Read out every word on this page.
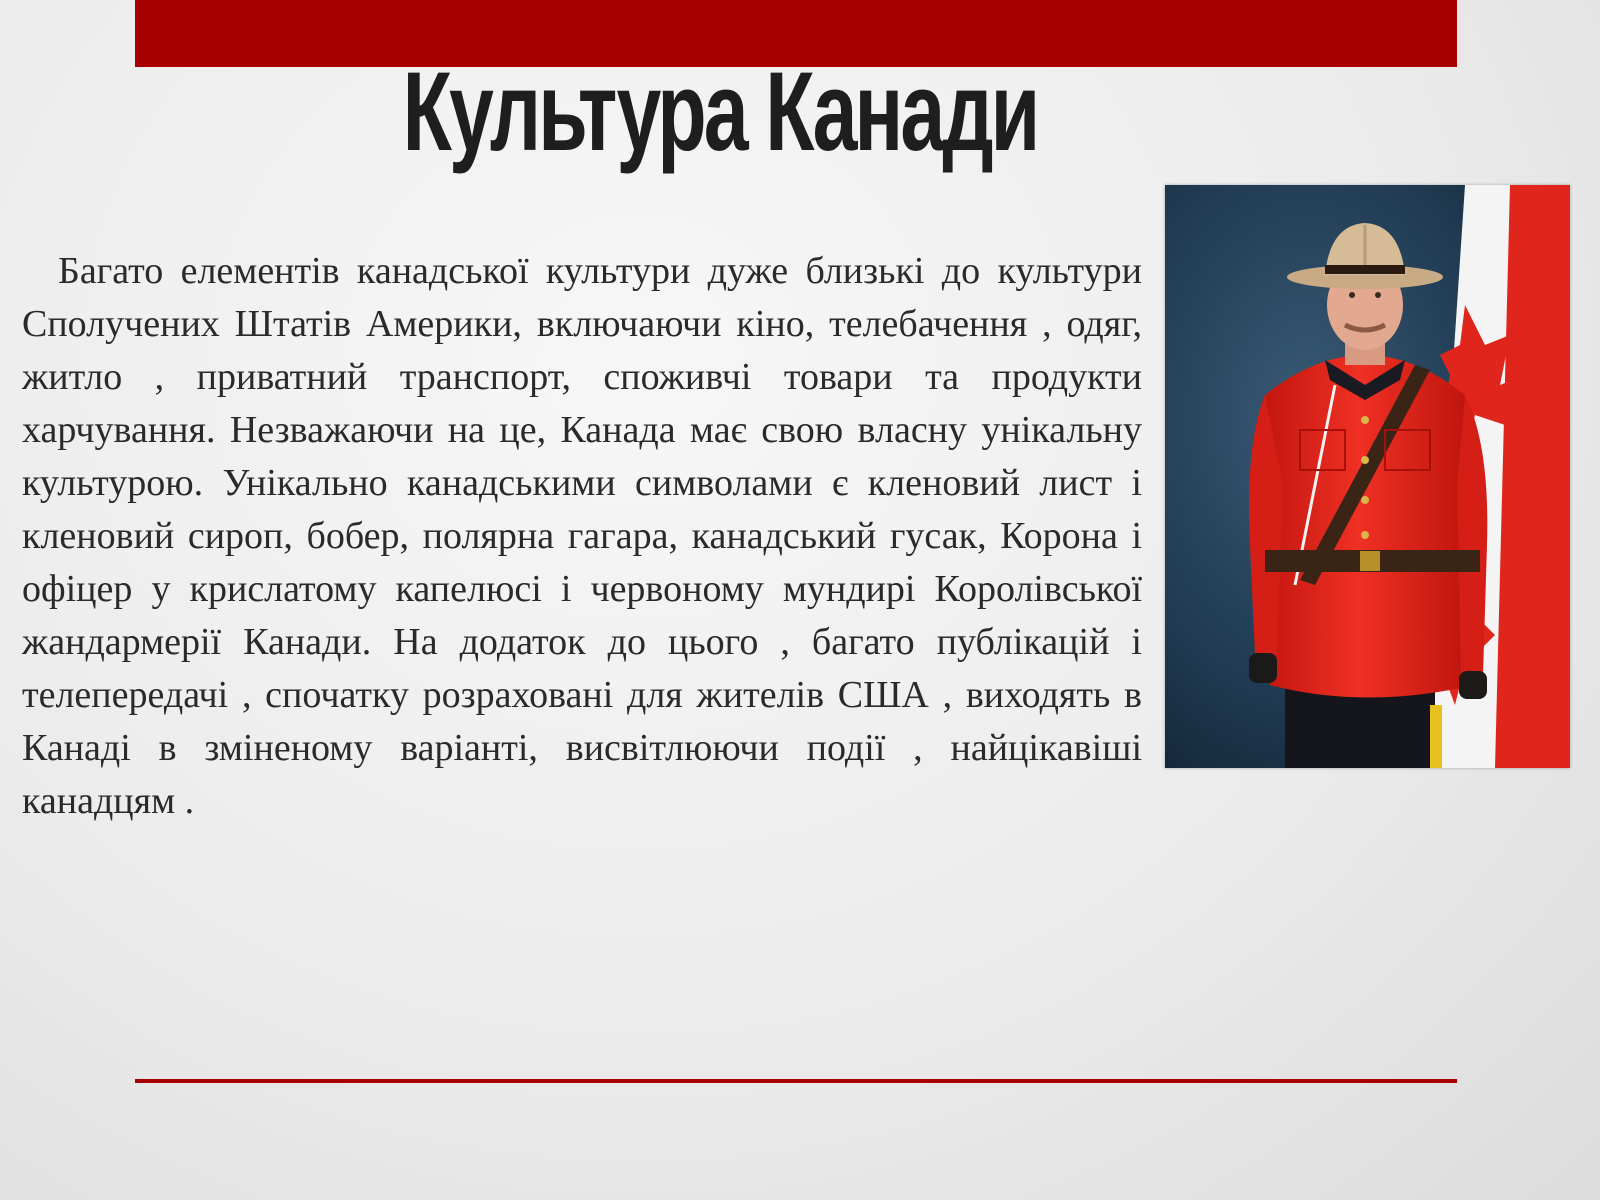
Культура Канади

Багато елементів канадської культури дуже близькі до культури Сполучених Штатів Америки, включаючи кіно, телебачення , одяг, житло , приватний транспорт, споживчі товари та продукти харчування. Незважаючи на це, Канада має свою власну унікальну культурою. Унікально канадськими символами є кленовий лист і кленовий сироп, бобер, полярна гагара, канадський гусак, Корона і офіцер у крислатому капелюсі і червоному мундирі Королівської жандармерії Канади. На додаток до цього , багато публікацій і телепередачі , спочатку розраховані для жителів США , виходять в Канаді в зміненому варіанті, висвітлюючи події , найцікавіші канадцям .
